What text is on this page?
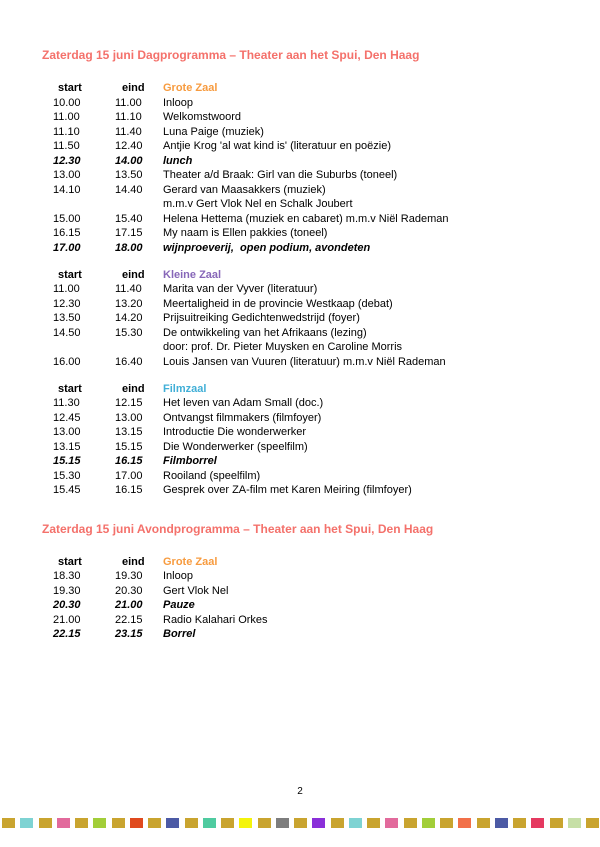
Zaterdag 15 juni Dagprogramma – Theater aan het Spui, Den Haag
start	eind	Grote Zaal
10.00	11.00	Inloop
11.00	11.10	Welkomstwoord
11.10	11.40	Luna Paige (muziek)
11.50	12.40	Antjie Krog 'al wat kind is' (literatuur en poëzie)
12.30	14.00	lunch
13.00	13.50	Theater a/d Braak: Girl van die Suburbs (toneel)
14.10	14.40	Gerard van Maasakkers (muziek)
m.m.v Gert Vlok Nel en Schalk Joubert
15.00	15.40	Helena Hettema (muziek en cabaret) m.m.v Niël Rademan
16.15	17.15	My naam is Ellen pakkies (toneel)
17.00	18.00	wijnproeverij,  open podium, avondeten
start	eind	Kleine Zaal
11.00	11.40	Marita van der Vyver (literatuur)
12.30	13.20	Meertaligheid in de provincie Westkaap (debat)
13.50	14.20	Prijsuitreiking Gedichtenwedstrijd (foyer)
14.50	15.30	De ontwikkeling van het Afrikaans (lezing)
door: prof. Dr. Pieter Muysken en Caroline Morris
16.00	16.40	Louis Jansen van Vuuren (literatuur) m.m.v Niël Rademan
start	eind	Filmzaal
11.30	12.15	Het leven van Adam Small (doc.)
12.45	13.00	Ontvangst filmmakers (filmfoyer)
13.00	13.15	Introductie Die wonderwerker
13.15	15.15	Die Wonderwerker (speelfilm)
15.15	16.15	Filmborrel
15.30	17.00	Rooiland (speelfilm)
15.45	16.15	Gesprek over ZA-film met Karen Meiring (filmfoyer)
Zaterdag 15 juni Avondprogramma – Theater aan het Spui, Den Haag
start	eind	Grote Zaal
18.30	19.30	Inloop
19.30	20.30	Gert Vlok Nel
20.30	21.00	Pauze
21.00	22.15	Radio Kalahari Orkes
22.15	23.15	Borrel
2
